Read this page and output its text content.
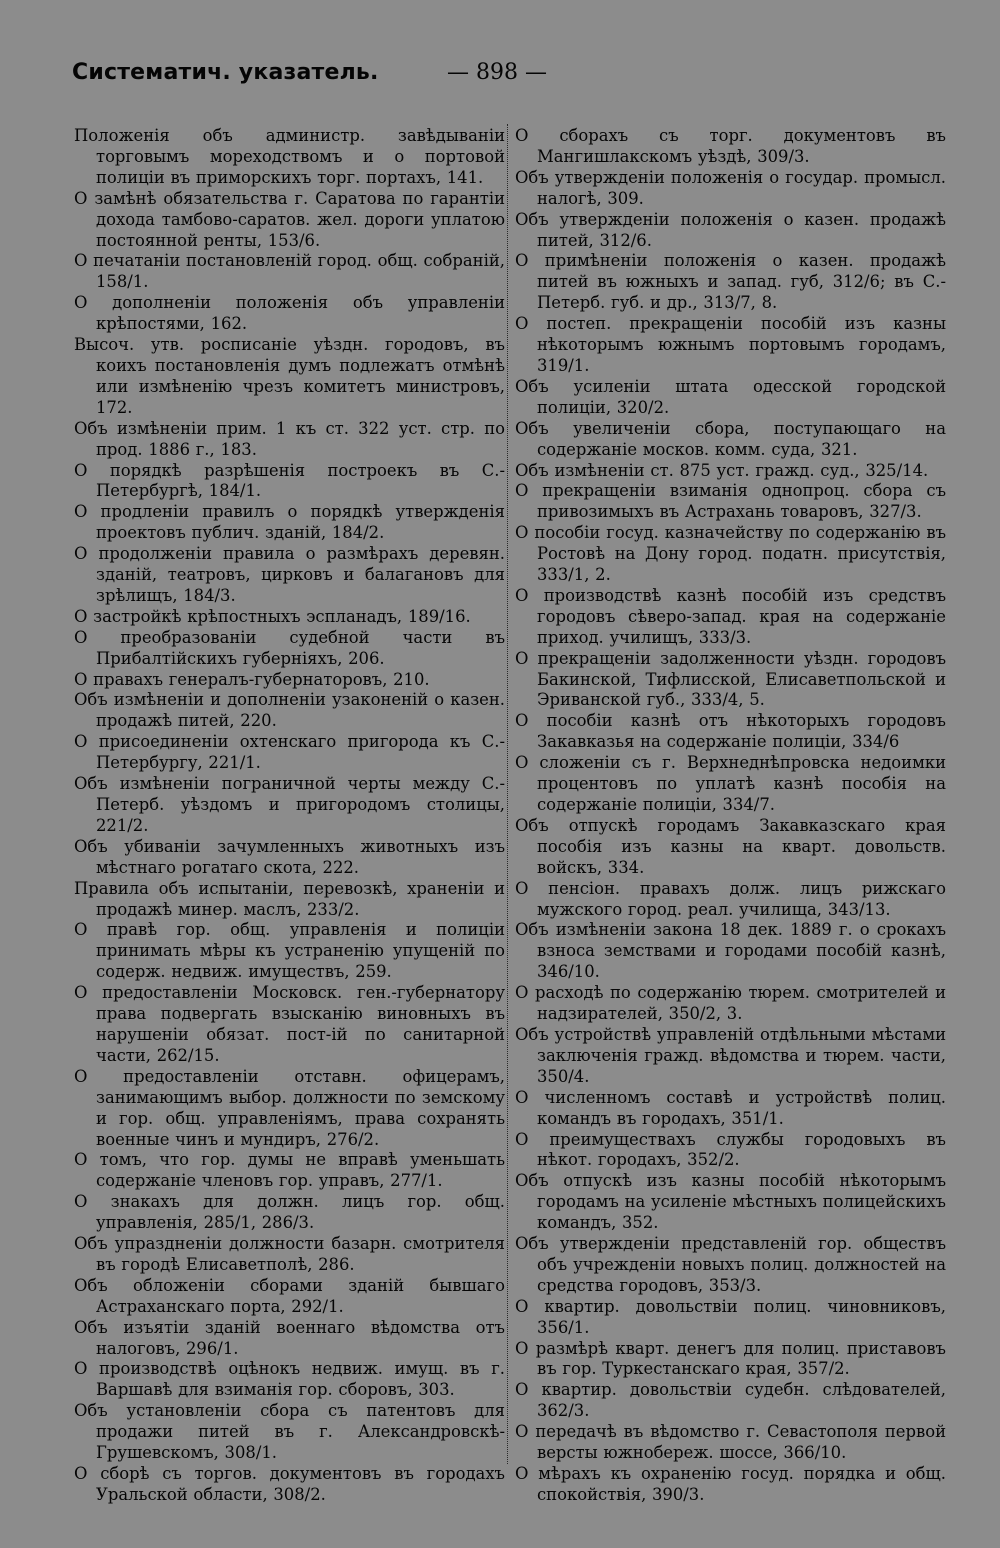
Систематич. указатель.	— 898 —

Положенія объ администр. завѣдываніи торговымъ мореходствомъ и о портовой полиціи въ приморскихъ торг. портахъ, 141.

О замѣнѣ обязательства г. Саратова по гарантіи дохода тамбово-саратов. жел. дороги уплатою постоянной ренты, 153/6.

О печатаніи постановленій город. общ. собраній, 158/1.

О дополненіи положенія объ управленіи крѣпостями, 162.

Высоч. утв. росписаніе уѣздн. городовъ, въ коихъ постановленія думъ подлежатъ отмѣнѣ или измѣненію чрезъ комитетъ министровъ, 172.

Объ измѣненіи прим. 1 къ ст. 322 уст. стр. по прод. 1886 г., 183.

О порядкѣ разрѣшенія построекъ въ С.-Петербургѣ, 184/1.

О продленіи правилъ о порядкѣ утвержденія проектовъ публич. зданій, 184/2.

О продолженіи правила о размѣрахъ деревян. зданій, театровъ, цирковъ и балагановъ для зрѣлищъ, 184/3.

О застройкѣ крѣпостныхъ эспланадъ, 189/16.

О преобразованіи судебной части въ Прибалтійскихъ губерніяхъ, 206.

О правахъ генералъ-губернаторовъ, 210.

Объ измѣненіи и дополненіи узаконеній о казен. продажѣ питей, 220.

О присоединеніи охтенскаго пригорода къ С.-Петербургу, 221/1.

Объ измѣненіи пограничной черты между С.-Петерб. уѣздомъ и пригородомъ столицы, 221/2.

Объ убиваніи зачумленныхъ животныхъ изъ мѣстнаго рогатаго скота, 222.

Правила объ испытаніи, перевозкѣ, храненіи и продажѣ минер. маслъ, 233/2.

О правѣ гор. общ. управленія и полиціи принимать мѣры къ устраненію упущеній по содерж. недвиж. имуществъ, 259.

О предоставленіи Московск. ген.-губернатору права подвергать взысканію виновныхъ въ нарушеніи обязат. пост-ій по санитарной части, 262/15.

О предоставленіи отставн. офицерамъ, занимающимъ выбор. должности по земскому и гор. общ. управленіямъ, права сохранять военные чинъ и мундиръ, 276/2.

О томъ, что гор. думы не вправѣ уменьшать содержаніе членовъ гор. управъ, 277/1.

О знакахъ для должн. лицъ гор. общ. управленія, 285/1, 286/3.

Объ упраздненіи должности базарн. смотрителя въ городѣ Елисаветполѣ, 286.

Объ обложеніи сборами зданій бывшаго Астраханскаго порта, 292/1.

Объ изъятіи зданій военнаго вѣдомства отъ налоговъ, 296/1.

О производствѣ оцѣнокъ недвиж. имущ. въ г. Варшавѣ для взиманія гор. сборовъ, 303.

Объ установленіи сбора съ патентовъ для продажи питей въ г. Александровскѣ-Грушевскомъ, 308/1.

О сборѣ съ торгов. документовъ въ городахъ Уральской области, 308/2.

О сборахъ съ торг. документовъ въ Мангишлакскомъ уѣздѣ, 309/3.

Объ утвержденіи положенія о государ. промысл. налогѣ, 309.

Объ утвержденіи положенія о казен. продажѣ питей, 312/6.

О примѣненіи положенія о казен. продажѣ питей въ южныхъ и запад. губ, 312/6; въ С.-Петерб. губ. и др., 313/7, 8.

О постеп. прекращеніи пособій изъ казны нѣкоторымъ южнымъ портовымъ городамъ, 319/1.

Объ усиленіи штата одесской городской полиціи, 320/2.

Объ увеличеніи сбора, поступающаго на содержаніе москов. комм. суда, 321.

Объ измѣненіи ст. 875 уст. гражд. суд., 325/14.

О прекращеніи взиманія однопроц. сбора съ привозимыхъ въ Астрахань товаровъ, 327/3.

О пособіи госуд. казначейству по содержанію въ Ростовѣ на Дону город. податн. присутствія, 333/1, 2.

О производствѣ казнѣ пособій изъ средствъ городовъ сѣверо-запад. края на содержаніе приход. училищъ, 333/3.

О прекращеніи задолженности уѣздн. городовъ Бакинской, Тифлисской, Елисаветпольской и Эриванской губ., 333/4, 5.

О пособіи казнѣ отъ нѣкоторыхъ городовъ Закавказья на содержаніе полиціи, 334/6

О сложеніи съ г. Верхнеднѣпровска недоимки процентовъ по уплатѣ казнѣ пособія на содержаніе полиціи, 334/7.

Объ отпускѣ городамъ Закавказскаго края пособія изъ казны на кварт. довольств. войскъ, 334.

О пенсіон. правахъ долж. лицъ рижскаго мужского город. реал. училища, 343/13.

Объ измѣненіи закона 18 дек. 1889 г. о срокахъ взноса земствами и городами пособій казнѣ, 346/10.

О расходѣ по содержанію тюрем. смотрителей и надзирателей, 350/2, 3.

Объ устройствѣ управленій отдѣльными мѣстами заключенія гражд. вѣдомства и тюрем. части, 350/4.

О численномъ составѣ и устройствѣ полиц. командъ въ городахъ, 351/1.

О преимуществахъ службы городовыхъ въ нѣкот. городахъ, 352/2.

Объ отпускѣ изъ казны пособій нѣкоторымъ городамъ на усиленіе мѣстныхъ полицейскихъ командъ, 352.

Объ утвержденіи представленій гор. обществъ объ учрежденіи новыхъ полиц. должностей на средства городовъ, 353/3.

О квартир. довольствіи полиц. чиновниковъ, 356/1.

О размѣрѣ кварт. денегъ для полиц. приставовъ въ гор. Туркестанскаго края, 357/2.

О квартир. довольствіи судебн. слѣдователей, 362/3.

О передачѣ въ вѣдомство г. Севастополя первой версты южнобереж. шоссе, 366/10.

О мѣрахъ къ охраненію госуд. порядка и общ. спокойствія, 390/3.
